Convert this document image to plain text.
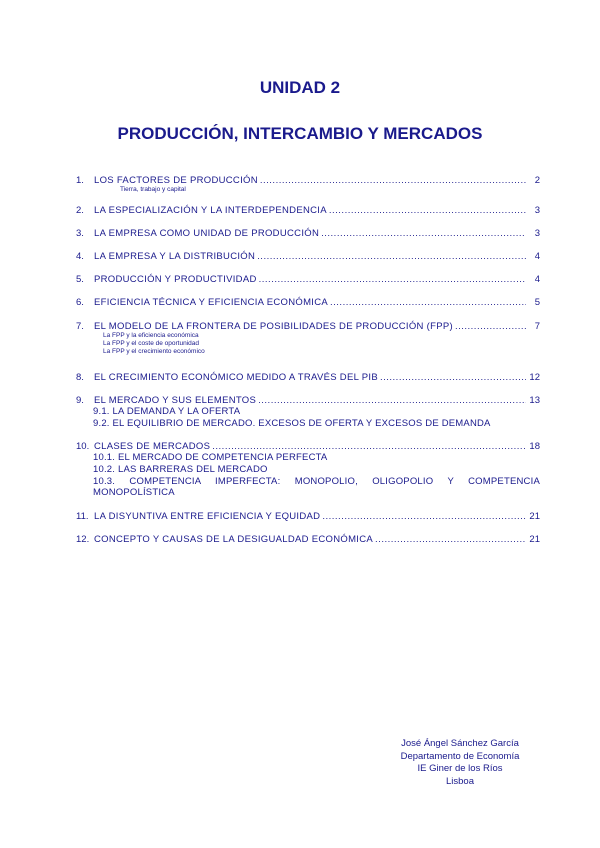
UNIDAD 2
PRODUCCIÓN, INTERCAMBIO Y MERCADOS
1.	LOS FACTORES DE PRODUCCIÓN .....	2
Tierra, trabajo y capital
2.	LA ESPECIALIZACIÓN Y LA INTERDEPENDENCIA .....	3
3.	LA EMPRESA COMO UNIDAD DE PRODUCCIÓN .....	3
4.	LA EMPRESA Y LA DISTRIBUCIÓN .....	4
5.	PRODUCCIÓN Y PRODUCTIVIDAD .....	4
6.	EFICIENCIA TÉCNICA Y EFICIENCIA ECONÓMICA .....	5
7.	EL MODELO DE LA FRONTERA DE POSIBILIDADES DE PRODUCCIÓN (FPP) .....	7
La FPP y la eficiencia económica
La FPP y el coste de oportunidad
La FPP y el crecimiento económico
8.	EL CRECIMIENTO ECONÓMICO MEDIDO A TRAVÉS DEL PIB .....	12
9.	EL MERCADO Y SUS ELEMENTOS .....	13
9.1. LA DEMANDA Y LA OFERTA
9.2. EL EQUILIBRIO DE MERCADO. EXCESOS DE OFERTA Y EXCESOS DE DEMANDA
10. CLASES DE MERCADOS .....	18
10.1. EL MERCADO DE COMPETENCIA PERFECTA
10.2. LAS BARRERAS DEL MERCADO
10.3. COMPETENCIA IMPERFECTA: MONOPOLIO, OLIGOPOLIO Y COMPETENCIA MONOPOLÍSTICA
11. LA DISYUNTIVA ENTRE EFICIENCIA Y EQUIDAD .....	21
12. CONCEPTO Y CAUSAS DE LA DESIGUALDAD ECONÓMICA .....	21
José Ángel Sánchez García
Departamento de Economía
IE Giner de los Ríos
Lisboa
